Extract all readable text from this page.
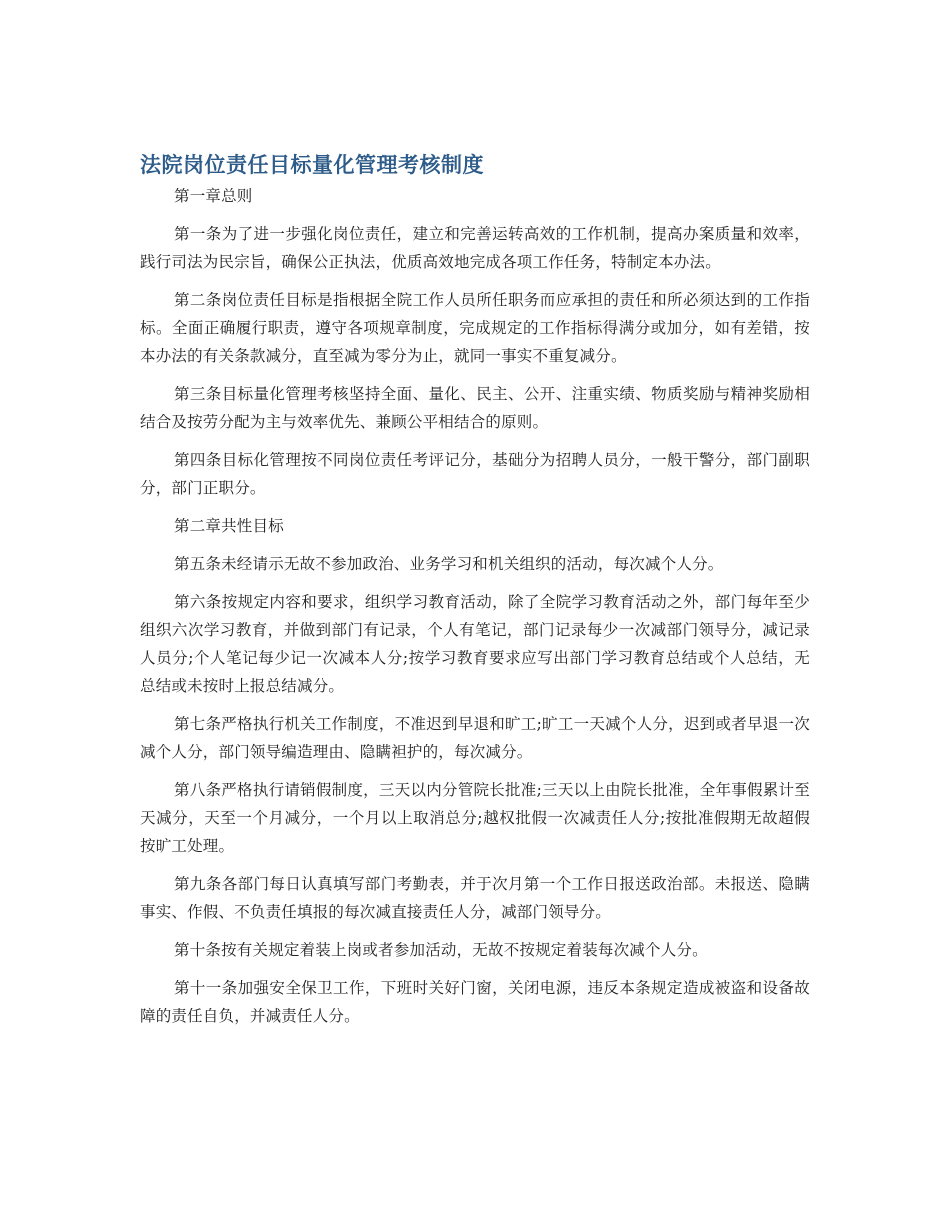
法院岗位责任目标量化管理考核制度

第一章总则

第一条为了进一步强化岗位责任，建立和完善运转高效的工作机制，提高办案质量和效率，践行司法为民宗旨，确保公正执法，优质高效地完成各项工作任务，特制定本办法。

第二条岗位责任目标是指根据全院工作人员所任职务而应承担的责任和所必须达到的工作指标。全面正确履行职责，遵守各项规章制度，完成规定的工作指标得满分或加分，如有差错，按本办法的有关条款减分，直至减为零分为止，就同一事实不重复减分。

第三条目标量化管理考核坚持全面、量化、民主、公开、注重实绩、物质奖励与精神奖励相结合及按劳分配为主与效率优先、兼顾公平相结合的原则。

第四条目标化管理按不同岗位责任考评记分，基础分为招聘人员分，一般干警分，部门副职分，部门正职分。

第二章共性目标

第五条未经请示无故不参加政治、业务学习和机关组织的活动，每次减个人分。

第六条按规定内容和要求，组织学习教育活动，除了全院学习教育活动之外，部门每年至少组织六次学习教育，并做到部门有记录，个人有笔记，部门记录每少一次减部门领导分，减记录人员分;个人笔记每少记一次减本人分;按学习教育要求应写出部门学习教育总结或个人总结，无总结或未按时上报总结减分。

第七条严格执行机关工作制度，不准迟到早退和旷工;旷工一天减个人分，迟到或者早退一次减个人分，部门领导编造理由、隐瞒袒护的，每次减分。

第八条严格执行请销假制度，三天以内分管院长批准;三天以上由院长批准，全年事假累计至天减分，天至一个月减分，一个月以上取消总分;越权批假一次减责任人分;按批准假期无故超假按旷工处理。

第九条各部门每日认真填写部门考勤表，并于次月第一个工作日报送政治部。未报送、隐瞒事实、作假、不负责任填报的每次减直接责任人分，减部门领导分。

第十条按有关规定着装上岗或者参加活动，无故不按规定着装每次减个人分。

第十一条加强安全保卫工作，下班时关好门窗，关闭电源，违反本条规定造成被盗和设备故障的责任自负，并减责任人分。
